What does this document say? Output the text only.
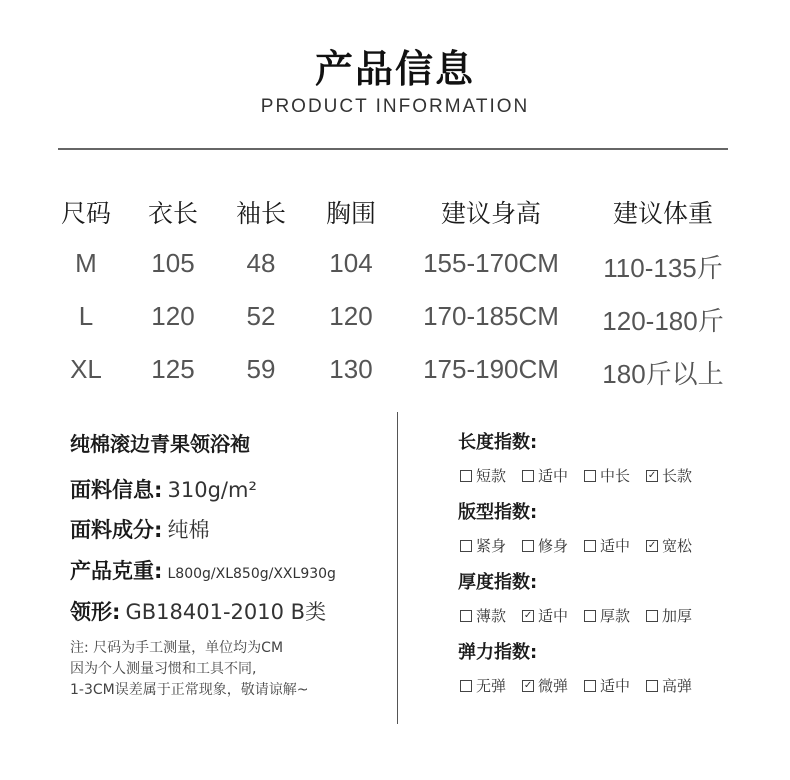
产品信息
PRODUCT INFORMATION
尺码 衣长 袖长 胸围	建议身高	建议体重
M 105 48 104 155-170CM 110-135斤
L 120 52 120 170-185CM 120-180斤
XL 125 59 130 175-190CM 180斤以上
纯棉滚边青果领浴袍
面料信息: 310g/m²
面料成分: 纯棉
产品克重: L800g/XL850g/XXL930g
领形: GB18401-2010 B类
注: 尺码为手工测量，单位均为CM
因为个人测量习惯和工具不同,
1-3CM误差属于正常现象，敬请谅解~
长度指数:
短款 适中 中长 ✓ 长款
版型指数:
紧身 修身 适中 ✓ 宽松
厚度指数:
薄款 ✓ 适中 厚款 加厚
弹力指数:
无弹 ✓ 微弹 适中 高弹
